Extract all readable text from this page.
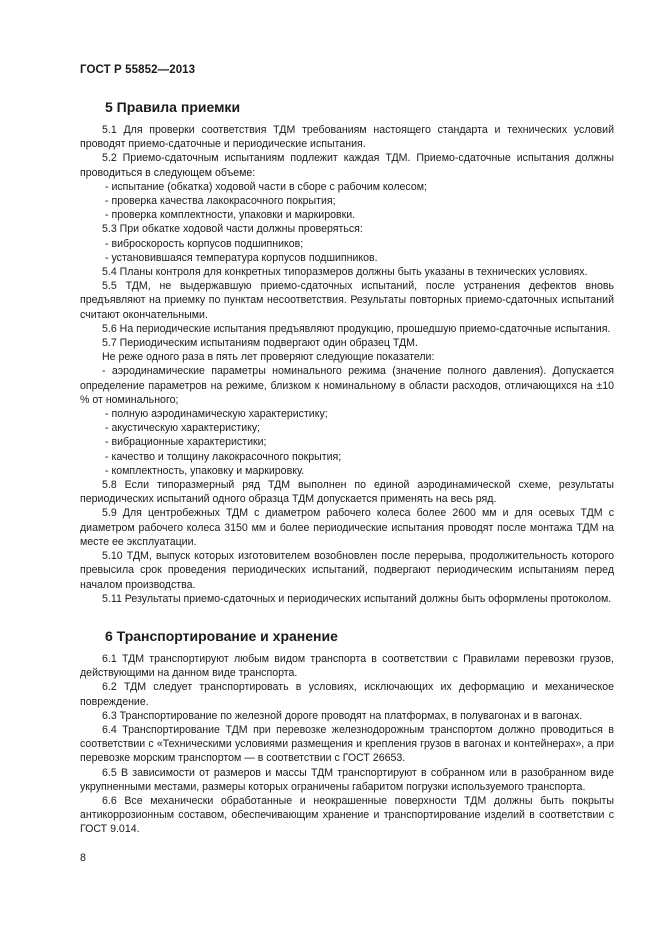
ГОСТ Р 55852—2013
5 Правила приемки
5.1 Для проверки соответствия ТДМ требованиям настоящего стандарта и технических условий проводят приемо-сдаточные и периодические испытания.
5.2 Приемо-сдаточным испытаниям подлежит каждая ТДМ. Приемо-сдаточные испытания должны проводиться в следующем объеме:
- испытание (обкатка) ходовой части в сборе с рабочим колесом;
- проверка качества лакокрасочного покрытия;
- проверка комплектности, упаковки и маркировки.
5.3 При обкатке ходовой части должны проверяться:
- виброскорость корпусов подшипников;
- установившаяся температура корпусов подшипников.
5.4 Планы контроля для конкретных типоразмеров должны быть указаны в технических условиях.
5.5 ТДМ, не выдержавшую приемо-сдаточных испытаний, после устранения дефектов вновь предъявляют на приемку по пунктам несоответствия. Результаты повторных приемо-сдаточных испытаний считают окончательными.
5.6 На периодические испытания предъявляют продукцию, прошедшую приемо-сдаточные испытания.
5.7 Периодическим испытаниям подвергают один образец ТДМ.
Не реже одного раза в пять лет проверяют следующие показатели:
- аэродинамические параметры номинального режима (значение полного давления). Допускается определение параметров на режиме, близком к номинальному в области расходов, отличающихся на ±10 % от номинального;
- полную аэродинамическую характеристику;
- акустическую характеристику;
- вибрационные характеристики;
- качество и толщину лакокрасочного покрытия;
- комплектность, упаковку и маркировку.
5.8 Если типоразмерный ряд ТДМ выполнен по единой аэродинамической схеме, результаты периодических испытаний одного образца ТДМ допускается применять на весь ряд.
5.9 Для центробежных ТДМ с диаметром рабочего колеса более 2600 мм и для осевых ТДМ с диаметром рабочего колеса 3150 мм и более периодические испытания проводят после монтажа ТДМ на месте ее эксплуатации.
5.10 ТДМ, выпуск которых изготовителем возобновлен после перерыва, продолжительность которого превысила срок проведения периодических испытаний, подвергают периодическим испытаниям перед началом производства.
5.11 Результаты приемо-сдаточных и периодических испытаний должны быть оформлены протоколом.
6 Транспортирование и хранение
6.1 ТДМ транспортируют любым видом транспорта в соответствии с Правилами перевозки грузов, действующими на данном виде транспорта.
6.2 ТДМ следует транспортировать в условиях, исключающих их деформацию и механическое повреждение.
6.3 Транспортирование по железной дороге проводят на платформах, в полувагонах и в вагонах.
6.4 Транспортирование ТДМ при перевозке железнодорожным транспортом должно проводиться в соответствии с «Техническими условиями размещения и крепления грузов в вагонах и контейнерах», а при перевозке морским транспортом — в соответствии с ГОСТ 26653.
6.5 В зависимости от размеров и массы ТДМ транспортируют в собранном или в разобранном виде укрупненными местами, размеры которых ограничены габаритом погрузки используемого транспорта.
6.6 Все механически обработанные и неокрашенные поверхности ТДМ должны быть покрыты антикоррозионным составом, обеспечивающим хранение и транспортирование изделий в соответствии с ГОСТ 9.014.
8
